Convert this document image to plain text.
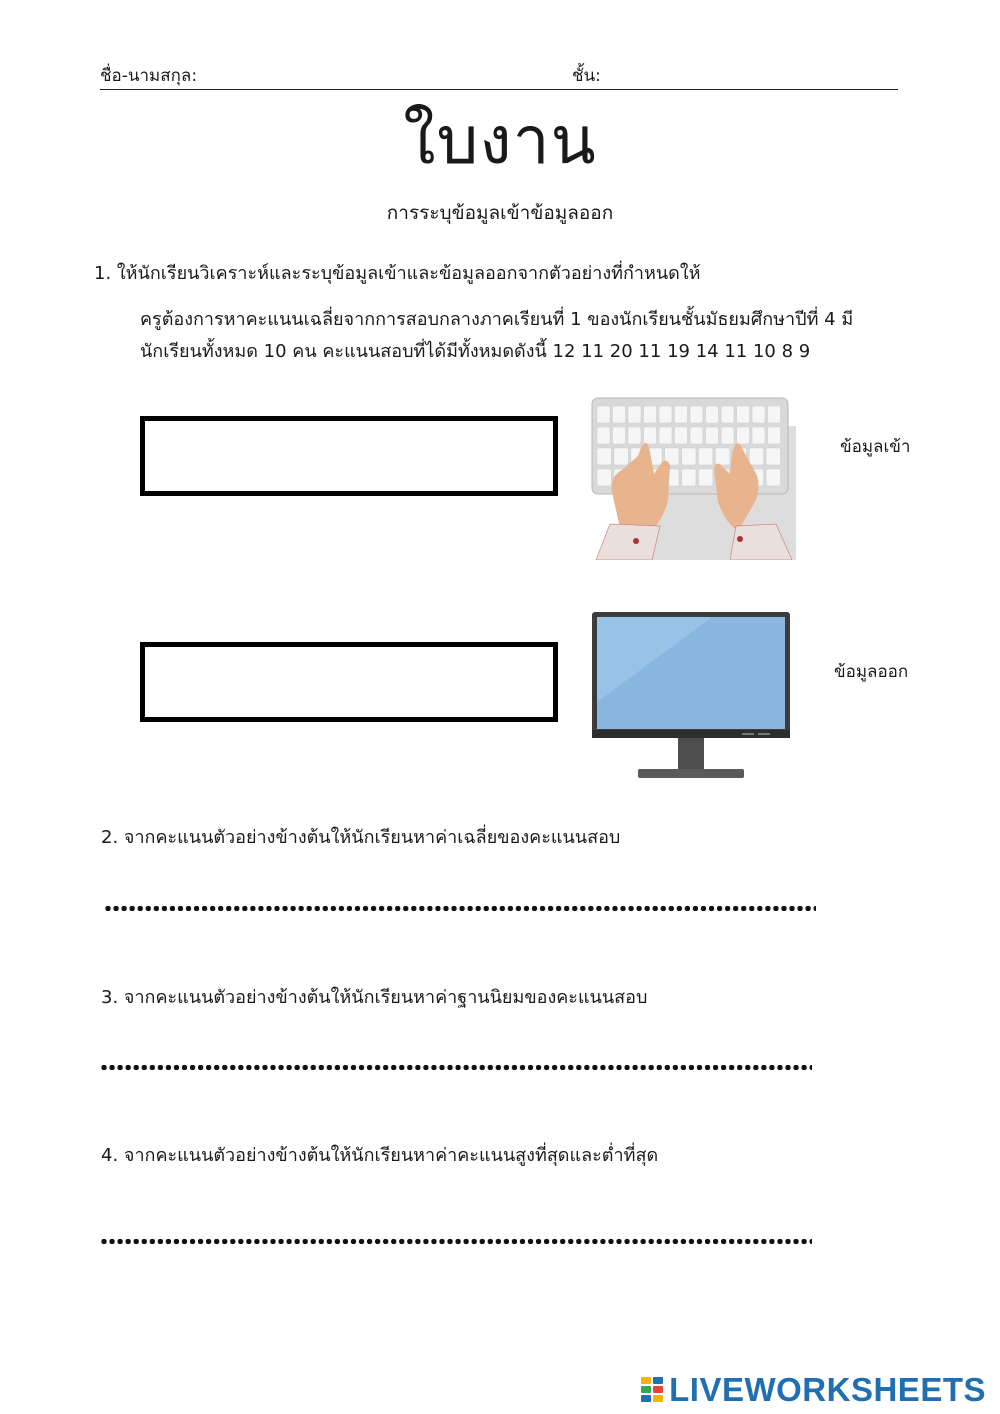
ชื่อ-นามสกุล:	ชั้น:
ใบงาน
การระบุข้อมูลเข้าข้อมูลออก
1. ให้นักเรียนวิเคราะห์และระบุข้อมูลเข้าและข้อมูลออกจากตัวอย่างที่กำหนดให้
ครูต้องการหาคะแนนเฉลี่ยจากการสอบกลางภาคเรียนที่ 1 ของนักเรียนชั้นมัธยมศึกษาปีที่ 4 มี
นักเรียนทั้งหมด 10 คน คะแนนสอบที่ได้มีทั้งหมดดังนี้ 12 11 20 11 19 14 11 10 8 9
ข้อมูลเข้า
ข้อมูลออก
2. จากคะแนนตัวอย่างข้างต้นให้นักเรียนหาค่าเฉลี่ยของคะแนนสอบ
3. จากคะแนนตัวอย่างข้างต้นให้นักเรียนหาค่าฐานนิยมของคะแนนสอบ
4. จากคะแนนตัวอย่างข้างต้นให้นักเรียนหาค่าคะแนนสูงที่สุดและต่ำที่สุด
LIVEWORKSHEETS
